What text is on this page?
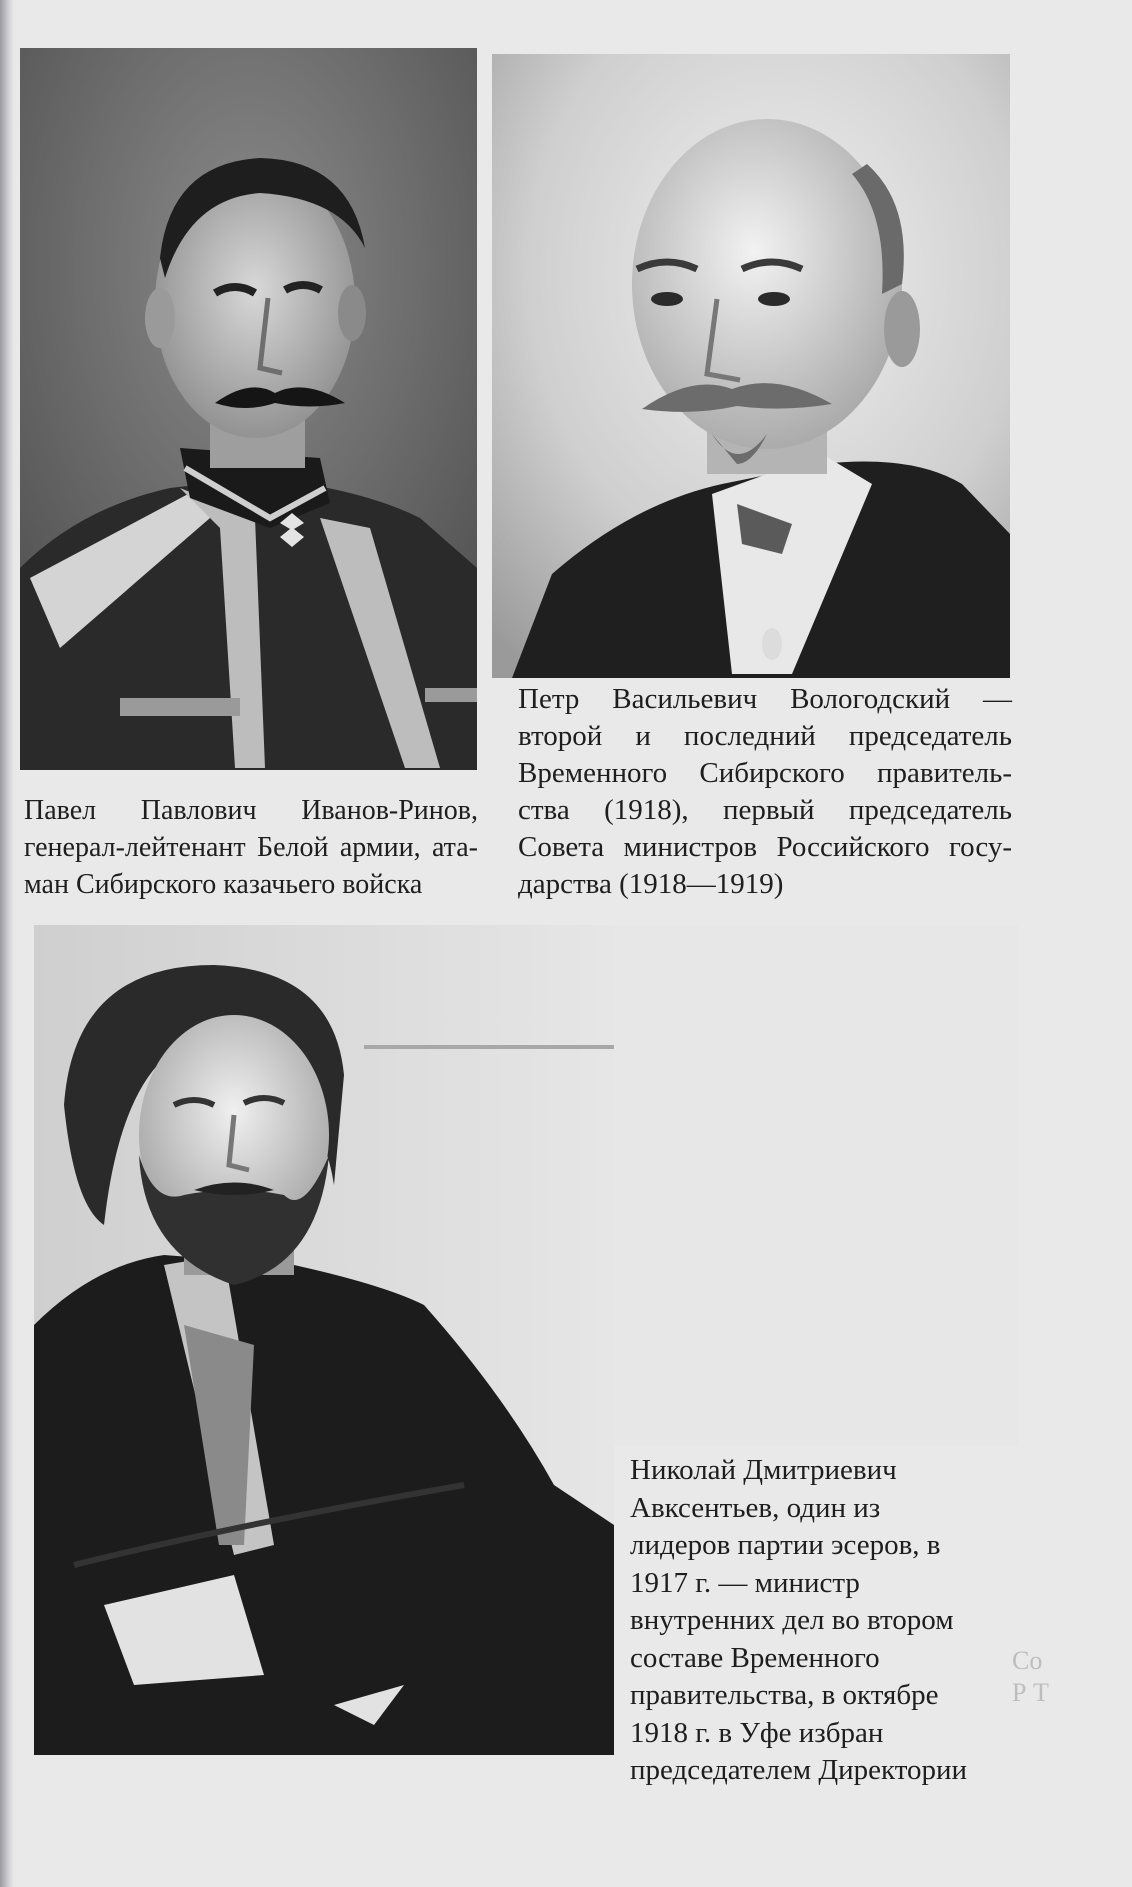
Павел Павлович Иванов-Ринов,
генерал-лейтенант Белой армии, ата-
ман Сибирского казачьего войска
Петр Васильевич Вологодский —
второй и последний председатель
Временного Сибирского правитель-
ства (1918), первый председатель
Совета министров Российского госу-
дарства (1918—1919)
Николай Дмитриевич
Авксентьев, один из
лидеров партии эсеров, в
1917 г. — министр
внутренних дел во втором
составе Временного
правительства, в октябре
1918 г. в Уфе избран
председателем Директории
Со
Р Т
